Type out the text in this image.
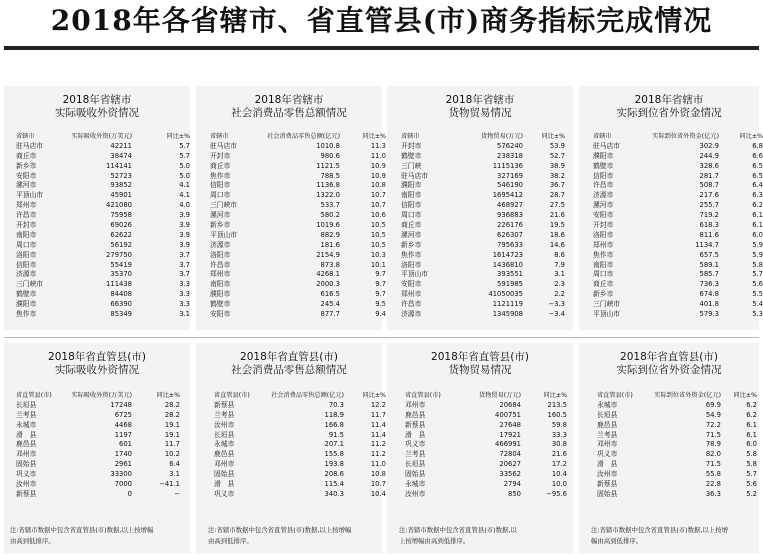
2018年各省辖市、省直管县(市)商务指标完成情况
2018年省辖市
实际吸收外资情况
省辖市	实际吸收外资(万美元)	同比±%
驻马店市	42211	5.7
商丘市	38474	5.7
新乡市	114141	5.0
安阳市	52723	5.0
漯河市	93852	4.1
平顶山市	45901	4.1
郑州市	421080	4.0
许昌市	75958	3.9
开封市	69026	3.9
南阳市	62622	3.9
周口市	56192	3.9
洛阳市	279750	3.7
信阳市	55419	3.7
济源市	35370	3.7
三门峡市	111438	3.3
鹤壁市	84408	3.3
濮阳市	66390	3.3
焦作市	85349	3.1
2018年省辖市
社会消费品零售总额情况
省辖市	社会消费品零售总额(亿元)	同比±%
驻马店市	1010.8	11.3
开封市	980.6	11.0
商丘市	1121.5	10.9
焦作市	788.5	10.9
信阳市	1136.8	10.8
周口市	1322.0	10.7
三门峡市	533.7	10.7
漯河市	580.2	10.6
新乡市	1019.6	10.5
平顶山市	882.9	10.5
济源市	181.6	10.5
洛阳市	2154.9	10.3
许昌市	873.8	10.1
郑州市	4268.1	9.7
南阳市	2000.3	9.7
濮阳市	616.5	9.7
鹤壁市	245.4	9.5
安阳市	877.7	9.4
2018年省辖市
货物贸易情况
省辖市	货物贸易(万元)	同比±%
开封市	576240	53.9
鹤壁市	238318	52.7
三门峡	1115136	38.9
驻马店市	327169	38.2
濮阳市	546190	36.7
南阳市	1695412	28.7
信阳市	468927	27.5
周口市	936883	21.6
商丘市	226176	19.5
漯河市	626307	18.6
新乡市	795633	14.6
焦作市	1614723	8.6
洛阳市	1436810	7.9
平顶山市	393551	3.1
安阳市	591985	2.3
郑州市	41050035	2.2
许昌市	1121119	−3.3
济源市	1345908	−3.4
2018年省辖市
实际到位省外资金情况
省辖市	实际到位省外资金(亿元)	同比±%
驻马店市	302.9	6.8
濮阳市	244.9	6.6
鹤壁市	328.6	6.5
信阳市	281.7	6.5
许昌市	508.7	6.4
济源市	217.6	6.3
漯河市	255.7	6.2
安阳市	719.2	6.1
开封市	618.3	6.1
洛阳市	811.6	6.0
郑州市	1134.7	5.9
焦作市	657.5	5.9
南阳市	589.1	5.8
周口市	585.7	5.7
商丘市	736.3	5.6
新乡市	674.8	5.5
三门峡市	401.8	5.4
平顶山市	579.3	5.3
2018年省直管县(市)
实际吸收外资情况
省直管县(市)	实际吸收外资(万美元)	同比±%
长垣县	17248	28.2
兰考县	6725	28.2
永城市	4468	19.1
滑　县	1197	19.1
鹿邑县	601	11.7
邓州市	1740	10.2
固始县	2961	6.4
巩义市	33300	3.1
汝州市	7000	−41.1
新蔡县	0	−
注:省辖市数据中包含省直管县(市)数据,以上按增幅
由高到低排序。
2018年省直管县(市)
社会消费品零售总额情况
省直管县(市)	社会消费品零售总额(亿元)	同比±%
新蔡县	70.3	12.2
兰考县	118.9	11.7
汝州市	166.8	11.4
长垣县	91.5	11.4
永城市	207.1	11.2
鹿邑县	155.8	11.2
邓州市	193.8	11.0
固始县	208.6	10.8
滑　县	115.4	10.7
巩义市	340.3	10.4
注:省辖市数据中包含省直管县(市)数据,以上按增幅
由高到低排序。
2018年省直管县(市)
货物贸易情况
省直管县(市)	货物贸易(万元)	同比±%
邓州市	20684	213.5
鹿邑县	400751	160.5
新蔡县	27648	59.8
滑　县	17921	33.3
巩义市	466991	30.8
兰考县	72804	21.6
长垣县	20627	17.2
固始县	33562	10.4
永城市	2794	10.0
汝州市	850	−95.6
注:省辖市数据中包含省直管县(市)数据,以
上按增幅由高到低排序。
2018年省直管县(市)
实际到位省外资金情况
省直管县(市)	实际到位省外资金(亿元)	同比±%
永城市	69.9	6.2
长垣县	54.9	6.2
鹿邑县	72.2	6.1
兰考县	71.5	6.1
邓州市	78.9	6.0
巩义市	82.0	5.8
滑　县	71.5	5.8
汝州市	55.8	5.7
新蔡县	22.8	5.6
固始县	36.3	5.2
注:省辖市数据中包含省直管县(市)数据,以上按增
幅由高到低排序。
